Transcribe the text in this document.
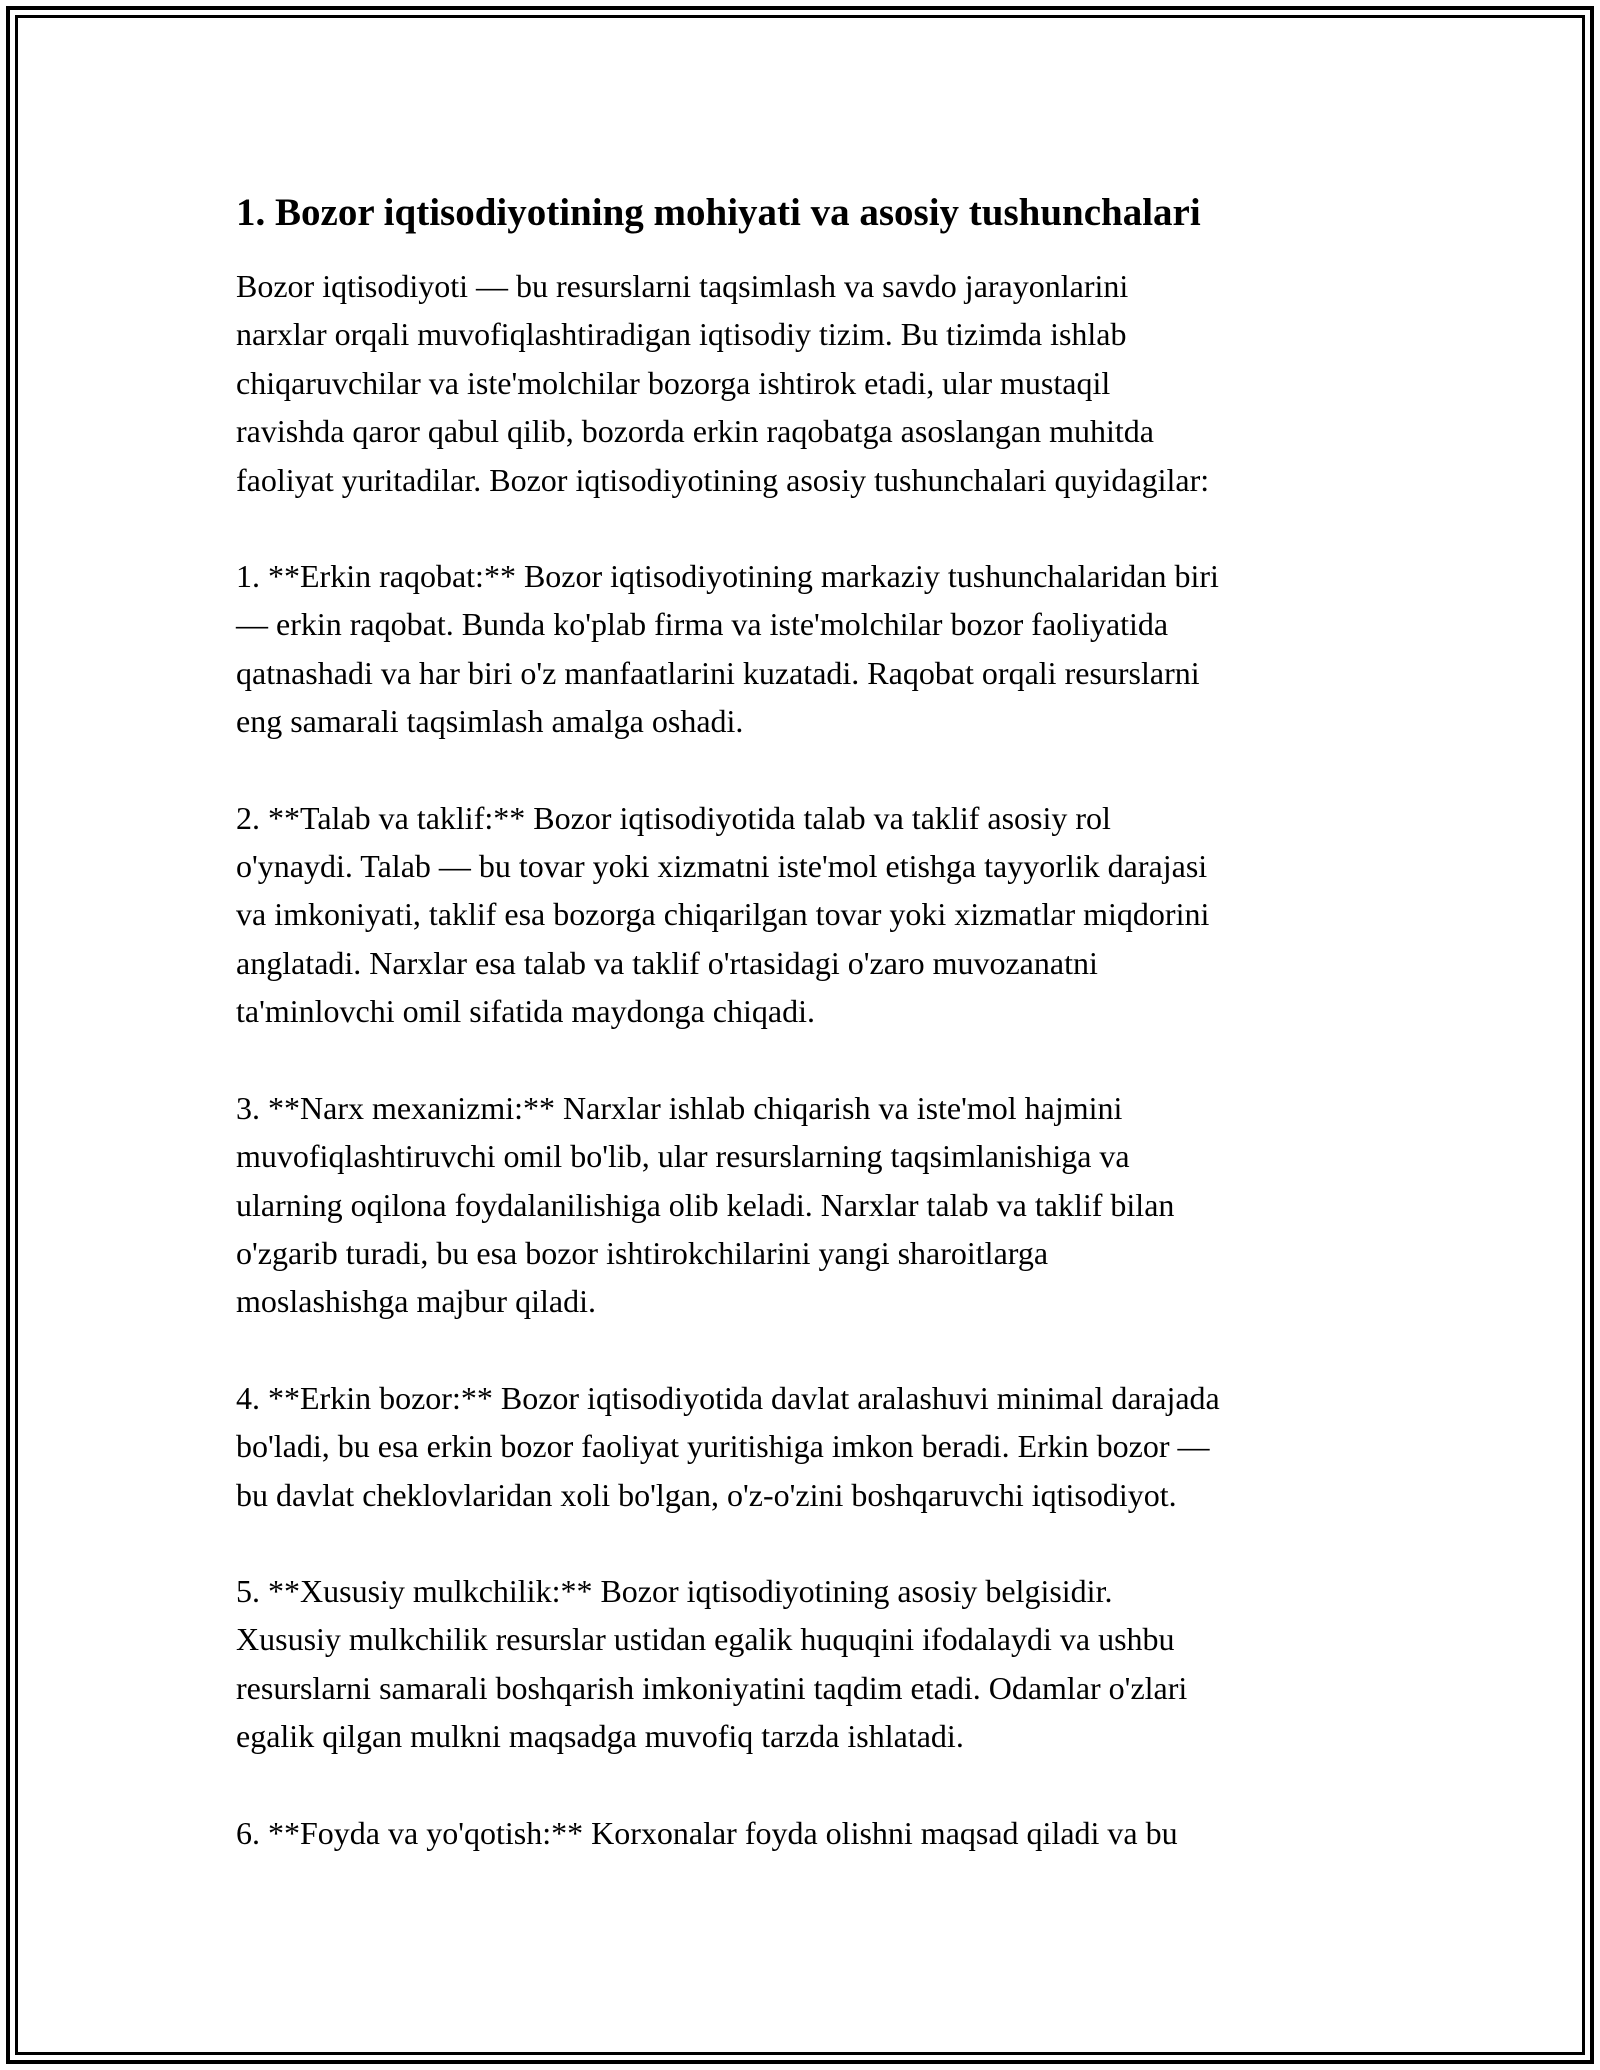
1. Bozor iqtisodiyotining mohiyati va asosiy tushunchalari

Bozor iqtisodiyoti — bu resurslarni taqsimlash va savdo jarayonlarini
narxlar orqali muvofiqlashtiradigan iqtisodiy tizim. Bu tizimda ishlab
chiqaruvchilar va iste'molchilar bozorga ishtirok etadi, ular mustaqil
ravishda qaror qabul qilib, bozorda erkin raqobatga asoslangan muhitda
faoliyat yuritadilar. Bozor iqtisodiyotining asosiy tushunchalari quyidagilar:

1. **Erkin raqobat:** Bozor iqtisodiyotining markaziy tushunchalaridan biri
— erkin raqobat. Bunda ko'plab firma va iste'molchilar bozor faoliyatida
qatnashadi va har biri o'z manfaatlarini kuzatadi. Raqobat orqali resurslarni
eng samarali taqsimlash amalga oshadi.

2. **Talab va taklif:** Bozor iqtisodiyotida talab va taklif asosiy rol
o'ynaydi. Talab — bu tovar yoki xizmatni iste'mol etishga tayyorlik darajasi
va imkoniyati, taklif esa bozorga chiqarilgan tovar yoki xizmatlar miqdorini
anglatadi. Narxlar esa talab va taklif o'rtasidagi o'zaro muvozanatni
ta'minlovchi omil sifatida maydonga chiqadi.

3. **Narx mexanizmi:** Narxlar ishlab chiqarish va iste'mol hajmini
muvofiqlashtiruvchi omil bo'lib, ular resurslarning taqsimlanishiga va
ularning oqilona foydalanilishiga olib keladi. Narxlar talab va taklif bilan
o'zgarib turadi, bu esa bozor ishtirokchilarini yangi sharoitlarga
moslashishga majbur qiladi.

4. **Erkin bozor:** Bozor iqtisodiyotida davlat aralashuvi minimal darajada
bo'ladi, bu esa erkin bozor faoliyat yuritishiga imkon beradi. Erkin bozor —
bu davlat cheklovlaridan xoli bo'lgan, o'z-o'zini boshqaruvchi iqtisodiyot.

5. **Xususiy mulkchilik:** Bozor iqtisodiyotining asosiy belgisidir.
Xususiy mulkchilik resurslar ustidan egalik huquqini ifodalaydi va ushbu
resurslarni samarali boshqarish imkoniyatini taqdim etadi. Odamlar o'zlari
egalik qilgan mulkni maqsadga muvofiq tarzda ishlatadi.

6. **Foyda va yo'qotish:** Korxonalar foyda olishni maqsad qiladi va bu
